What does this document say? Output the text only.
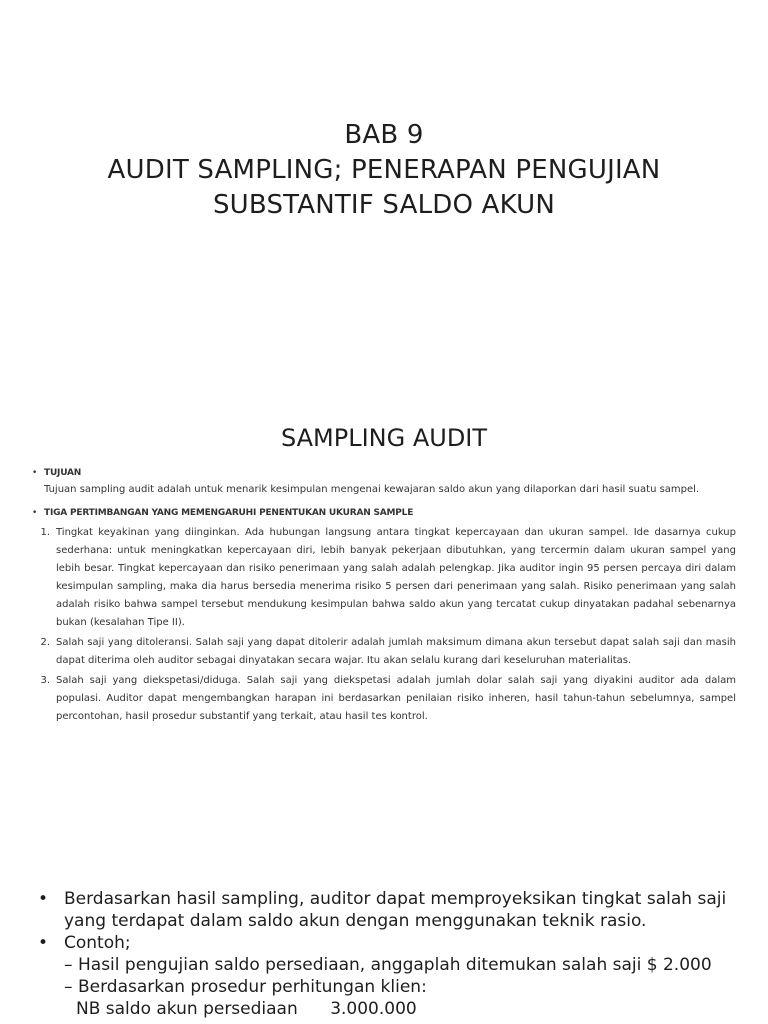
BAB 9
AUDIT SAMPLING; PENERAPAN PENGUJIAN
SUBSTANTIF SALDO AKUN
SAMPLING AUDIT
• TUJUAN
Tujuan sampling audit adalah untuk menarik kesimpulan mengenai kewajaran saldo akun yang dilaporkan dari hasil suatu sampel.
• TIGA PERTIMBANGAN YANG MEMENGARUHI PENENTUKAN UKURAN SAMPLE
1. Tingkat keyakinan yang diinginkan. Ada hubungan langsung antara tingkat kepercayaan dan ukuran sampel. Ide dasarnya cukup sederhana: untuk meningkatkan kepercayaan diri, lebih banyak pekerjaan dibutuhkan, yang tercermin dalam ukuran sampel yang lebih besar. Tingkat kepercayaan dan risiko penerimaan yang salah adalah pelengkap. Jika auditor ingin 95 persen percaya diri dalam kesimpulan sampling, maka dia harus bersedia menerima risiko 5 persen dari penerimaan yang salah. Risiko penerimaan yang salah adalah risiko bahwa sampel tersebut mendukung kesimpulan bahwa saldo akun yang tercatat cukup dinyatakan padahal sebenarnya bukan (kesalahan Tipe II).
2. Salah saji yang ditoleransi. Salah saji yang dapat ditolerir adalah jumlah maksimum dimana akun tersebut dapat salah saji dan masih dapat diterima oleh auditor sebagai dinyatakan secara wajar. Itu akan selalu kurang dari keseluruhan materialitas.
3. Salah saji yang diekspetasi/diduga. Salah saji yang diekspetasi adalah jumlah dolar salah saji yang diyakini auditor ada dalam populasi. Auditor dapat mengembangkan harapan ini berdasarkan penilaian risiko inheren, hasil tahun-tahun sebelumnya, sampel percontohan, hasil prosedur substantif yang terkait, atau hasil tes kontrol.
• Berdasarkan hasil sampling, auditor dapat memproyeksikan tingkat salah saji yang terdapat dalam saldo akun dengan menggunakan teknik rasio.
• Contoh;
– Hasil pengujian saldo persediaan, anggaplah ditemukan salah saji $ 2.000
– Berdasarkan prosedur perhitungan klien:
NB saldo akun persediaan 3.000.000
